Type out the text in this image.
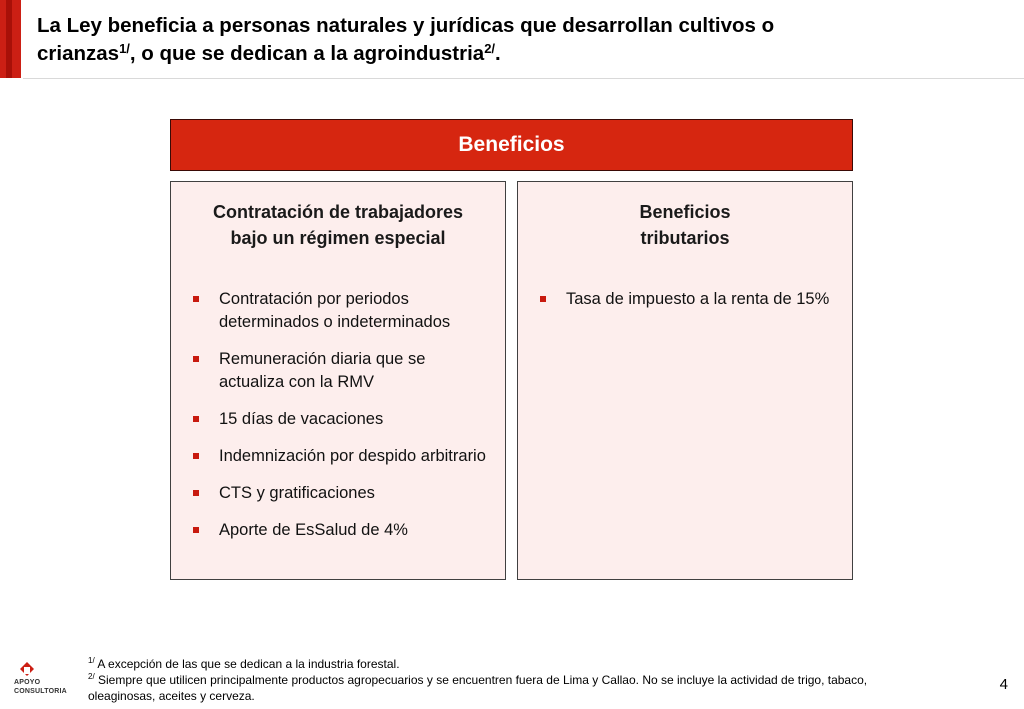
La Ley beneficia a personas naturales y jurídicas que desarrollan cultivos o
crianzas$^{1/}$, o que se dedican a la agroindustria$^{2/}$.
Beneficios
Contratación de trabajadores
bajo un régimen especial
Contratación por periodos determinados o indeterminados
Remuneración diaria que se actualiza con la RMV
15 días de vacaciones
Indemnización por despido arbitrario
CTS y gratificaciones
Aporte de EsSalud de 4%
Beneficios
tributarios
Tasa de impuesto a la renta de 15%
APOYO
CONSULTORIA
$^{1/}$ A excepción de las que se dedican a la industria forestal.
$^{2/}$ Siempre que utilicen principalmente productos agropecuarios y se encuentren fuera de Lima y Callao. No se incluye la actividad de trigo, tabaco, oleaginosas, aceites y cerveza.
4
